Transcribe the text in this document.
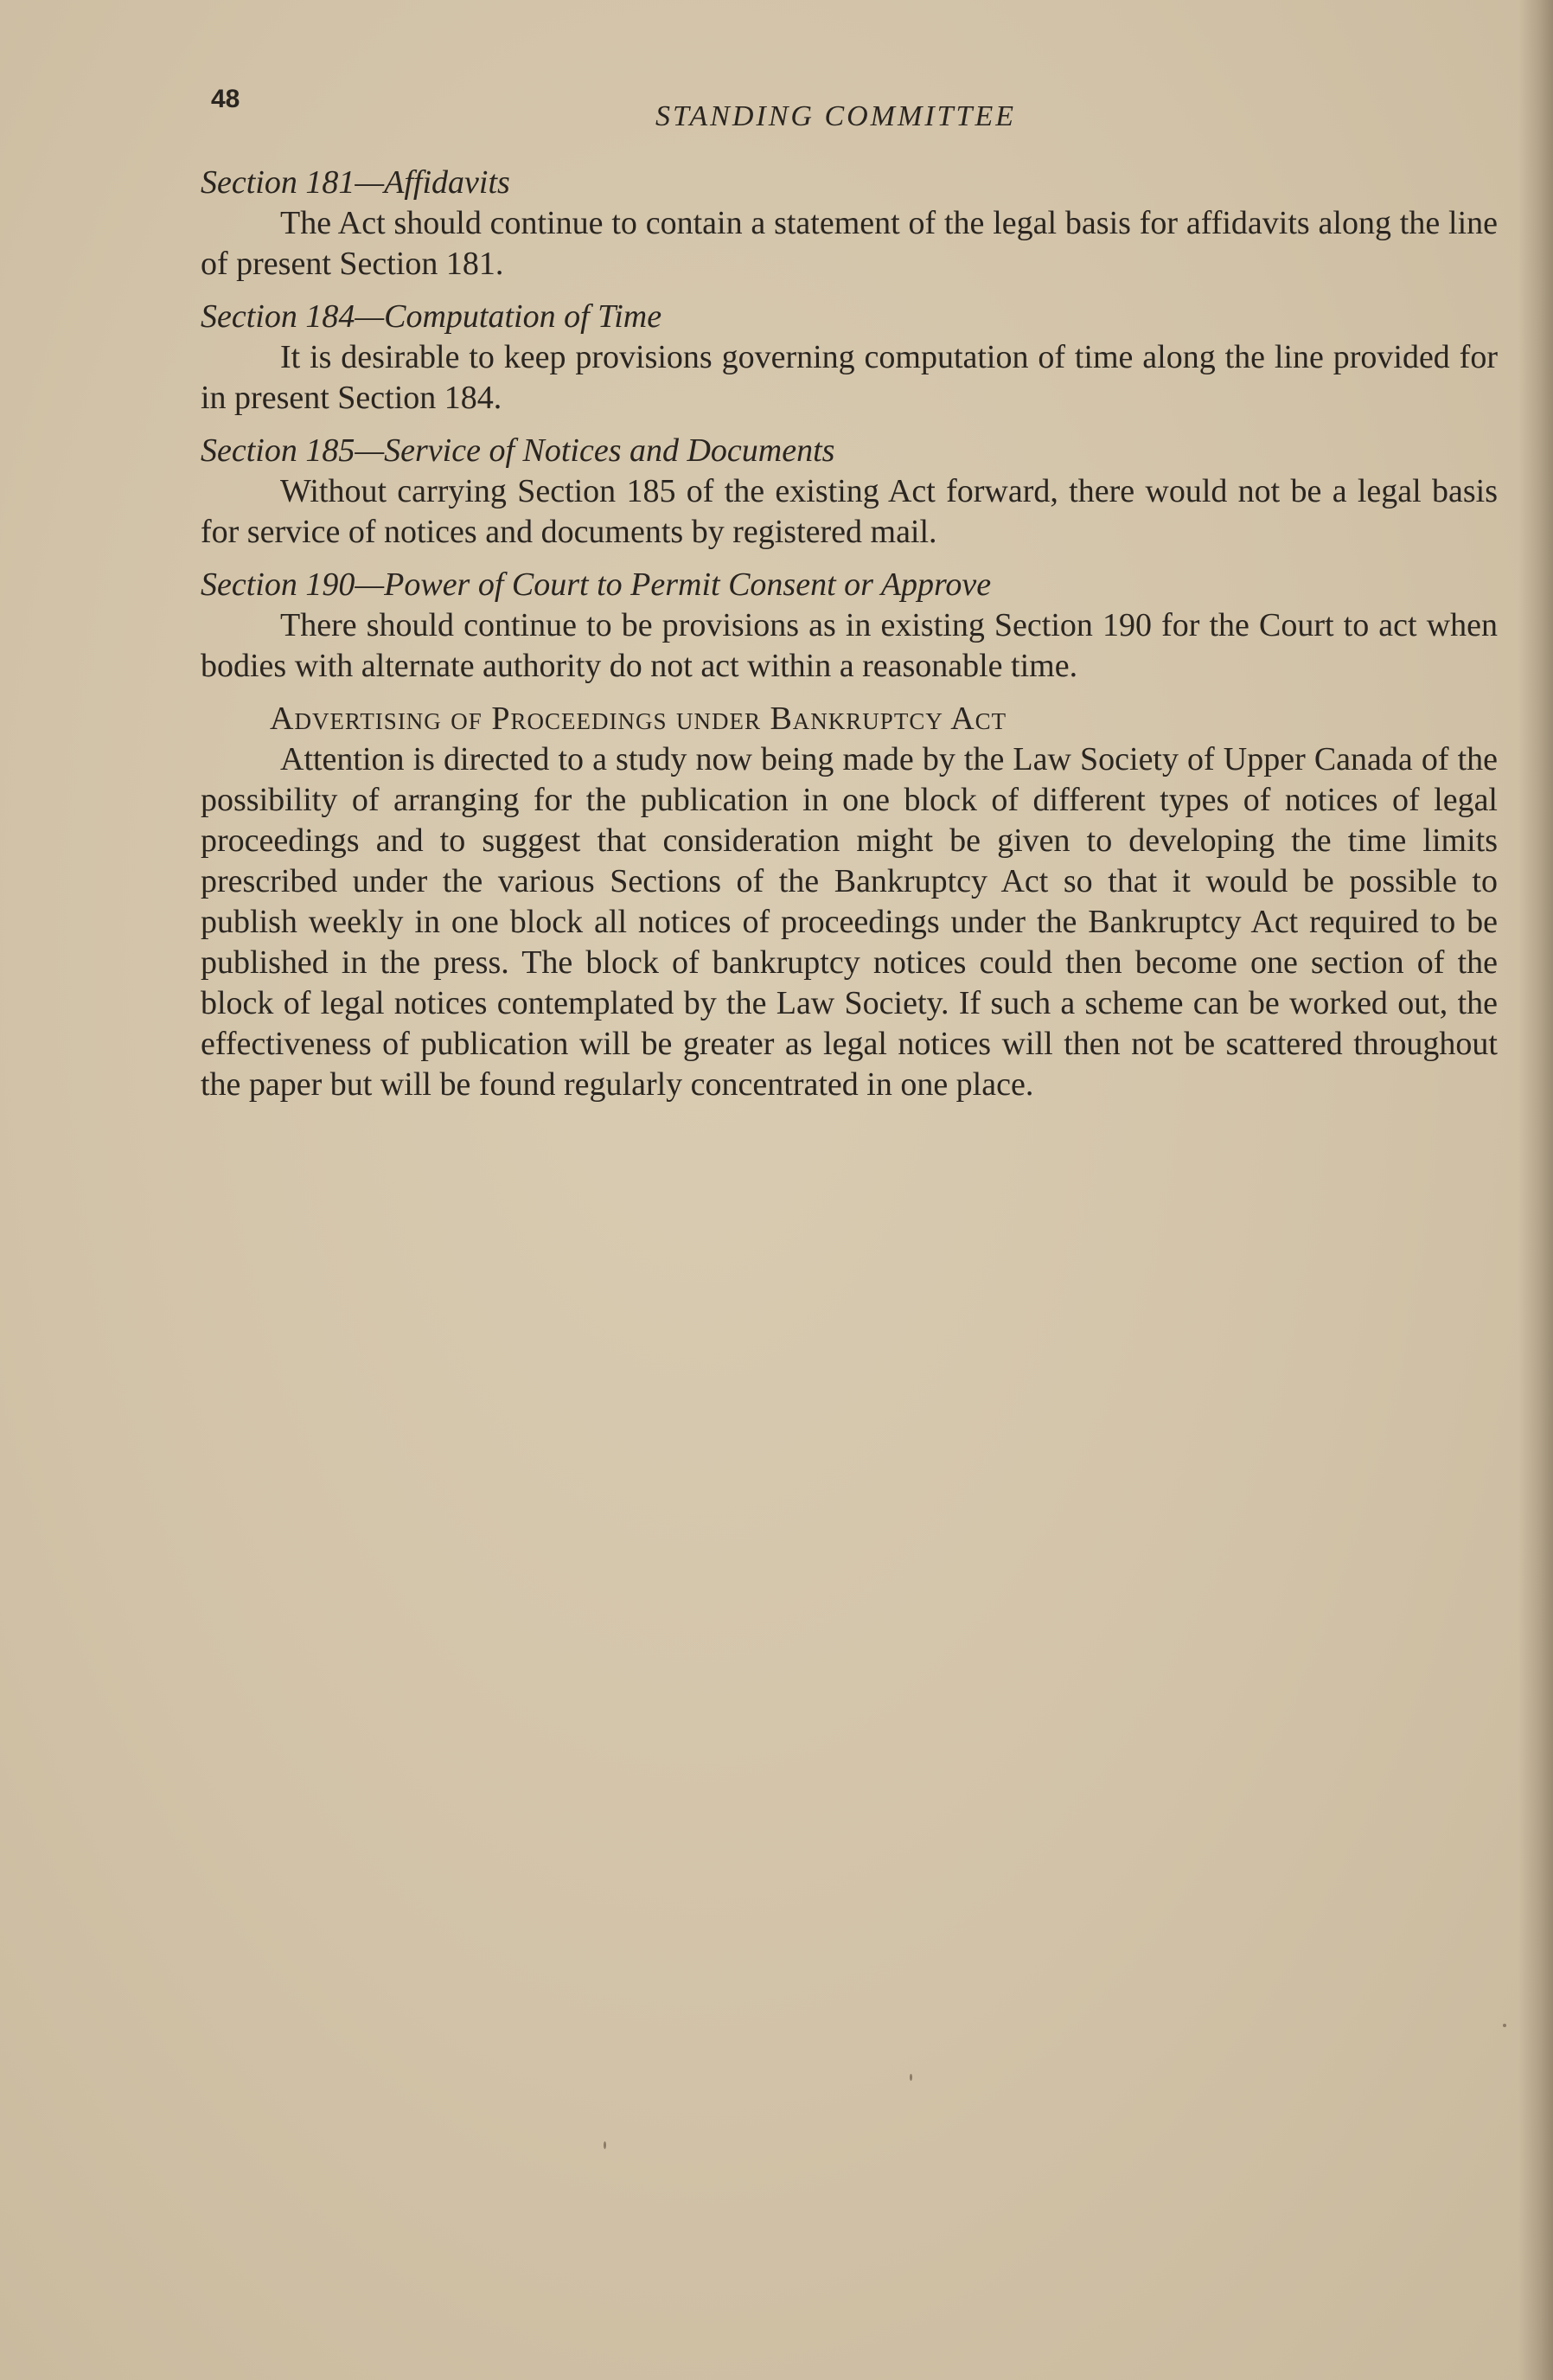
48
STANDING COMMITTEE

Section 181—Affidavits

The Act should continue to contain a statement of the legal basis for affidavits along the line of present Section 181.

Section 184—Computation of Time

It is desirable to keep provisions governing computation of time along the line provided for in present Section 184.

Section 185—Service of Notices and Documents

Without carrying Section 185 of the existing Act forward, there would not be a legal basis for service of notices and documents by registered mail.

Section 190—Power of Court to Permit Consent or Approve

There should continue to be provisions as in existing Section 190 for the Court to act when bodies with alternate authority do not act within a reasonable time.

Advertising of Proceedings under Bankruptcy Act

Attention is directed to a study now being made by the Law Society of Upper Canada of the possibility of arranging for the publication in one block of different types of notices of legal proceedings and to suggest that consideration might be given to developing the time limits prescribed under the various Sections of the Bankruptcy Act so that it would be possible to publish weekly in one block all notices of proceedings under the Bankruptcy Act required to be published in the press. The block of bankruptcy notices could then become one section of the block of legal notices contemplated by the Law Society. If such a scheme can be worked out, the effectiveness of publication will be greater as legal notices will then not be scattered throughout the paper but will be found regularly concentrated in one place.
